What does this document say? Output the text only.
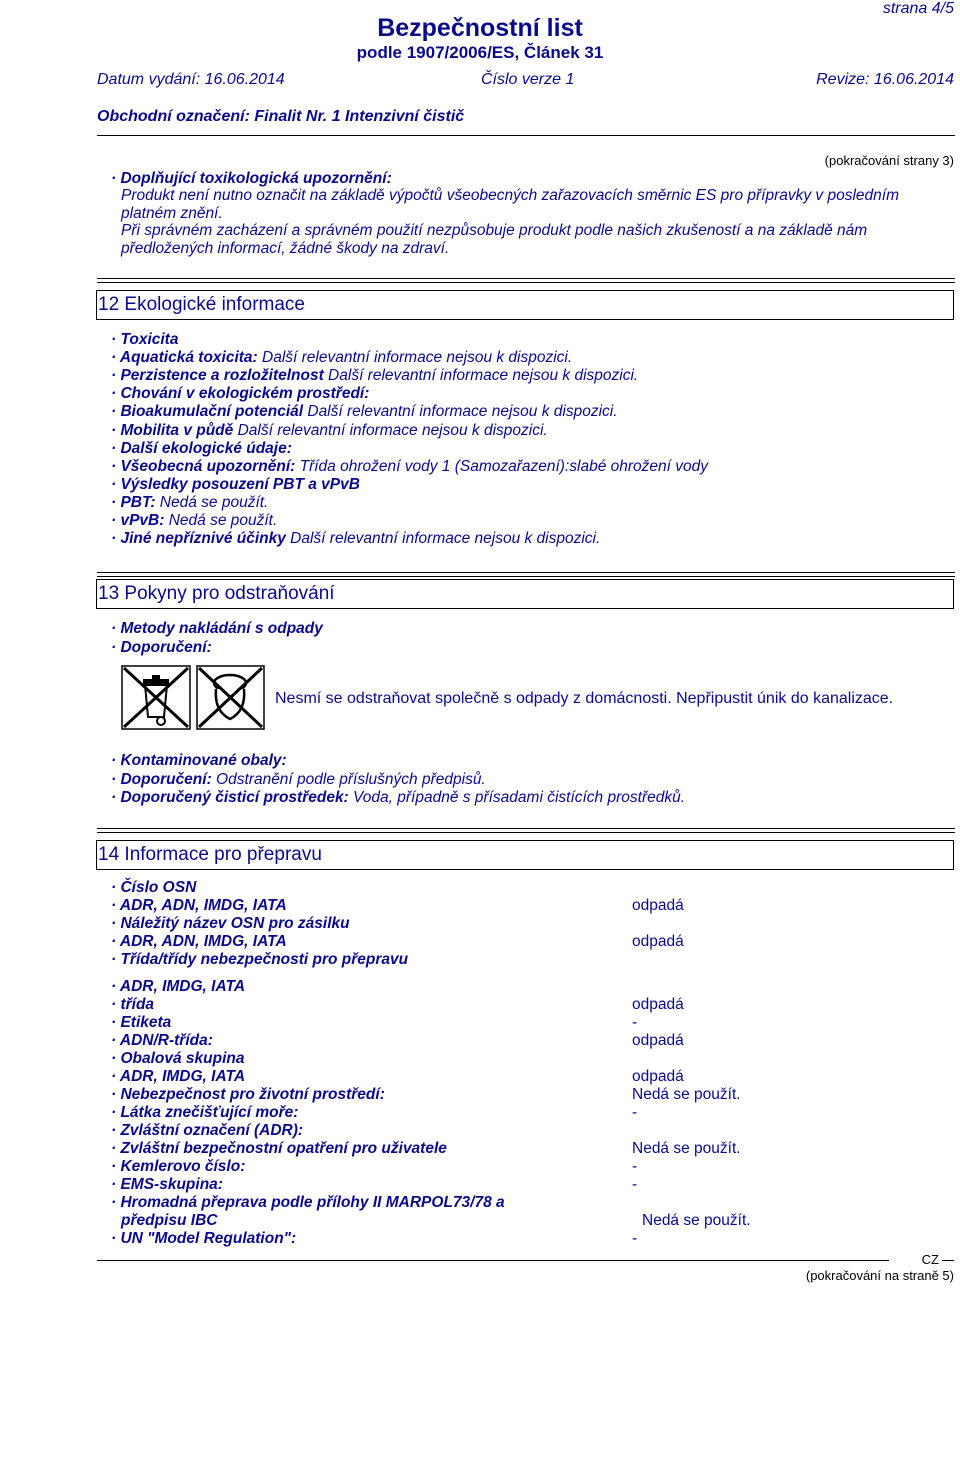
strana 4/5
Bezpečnostní list
podle 1907/2006/ES, Článek 31
Datum vydání: 16.06.2014	Číslo verze 1	Revize: 16.06.2014
Obchodní označení: Finalit Nr. 1 Intenzivní čistič
(pokračování strany 3)
· Doplňující toxikologická upozornění:
Produkt není nutno označit na základě výpočtů všeobecných zařazovacích směrnic ES pro přípravky v posledním
platném znění.
Při správném zacházení a správném použití nezpůsobuje produkt podle našich zkušeností a na základě nám
předložených informací, žádné škody na zdraví.
12 Ekologické informace
· Toxicita
· Aquatická toxicita: Další relevantní informace nejsou k dispozici.
· Perzistence a rozložitelnost Další relevantní informace nejsou k dispozici.
· Chování v ekologickém prostředí:
· Bioakumulační potenciál Další relevantní informace nejsou k dispozici.
· Mobilita v půdě Další relevantní informace nejsou k dispozici.
· Další ekologické údaje:
· Všeobecná upozornění: Třída ohrožení vody 1 (Samozařazení):slabé ohrožení vody
· Výsledky posouzení PBT a vPvB
· PBT: Nedá se použít.
· vPvB: Nedá se použít.
· Jiné nepříznivé účinky Další relevantní informace nejsou k dispozici.
13 Pokyny pro odstraňování
· Metody nakládání s odpady
· Doporučení:
Nesmí se odstraňovat společně s odpady z domácnosti. Nepřipustit únik do kanalizace.
· Kontaminované obaly:
· Doporučení: Odstranění podle příslušných předpisů.
· Doporučený čisticí prostředek: Voda, případně s přísadami čistících prostředků.
14 Informace pro přepravu
· Číslo OSN
· ADR, ADN, IMDG, IATA	odpadá
· Náležitý název OSN pro zásilku
· ADR, ADN, IMDG, IATA	odpadá
· Třída/třídy nebezpečnosti pro přepravu
· ADR, IMDG, IATA
· třída	odpadá
· Etiketa	-
· ADN/R-třída:	odpadá
· Obalová skupina
· ADR, IMDG, IATA	odpadá
· Nebezpečnost pro životní prostředí:	Nedá se použít.
· Látka znečišťující moře:	-
· Zvláštní označení (ADR):
· Zvláštní bezpečnostní opatření pro uživatele	Nedá se použít.
· Kemlerovo číslo:	-
· EMS-skupina:	-
· Hromadná přeprava podle přílohy II MARPOL73/78 a
předpisu IBC	Nedá se použít.
· UN "Model Regulation":	-
CZ
(pokračování na straně 5)
